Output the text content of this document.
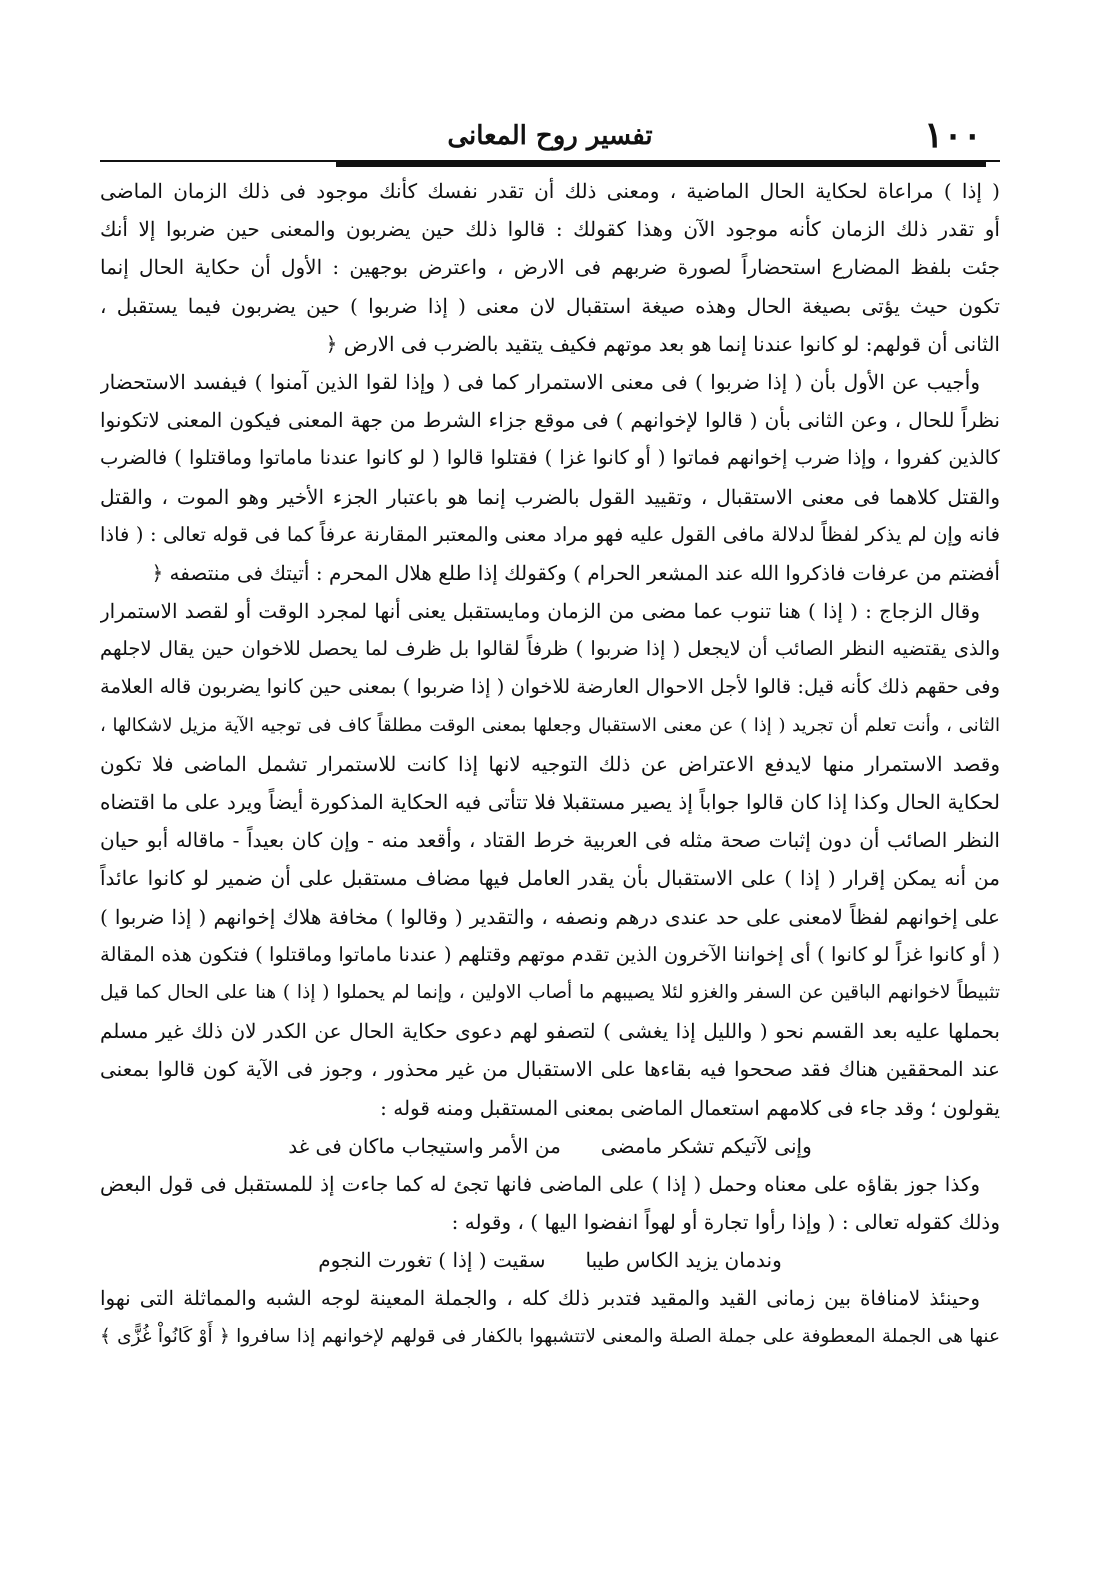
١٠٠
تفسير روح المعانى
( إذا ) مراعاة لحكاية الحال الماضية ، ومعنى ذلك أن تقدر نفسك كأنك موجود فى ذلك الزمان الماضى
أو تقدر ذلك الزمان كأنه موجود الآن وهذا كقولك : قالوا ذلك حين يضربون والمعنى حين ضربوا إلا أنك
جئت بلفظ المضارع استحضاراً لصورة ضربهم فى الارض ، واعترض بوجهين : الأول أن حكاية الحال إنما
تكون حيث يؤتى بصيغة الحال وهذه صيغة استقبال لان معنى ( إذا ضربوا ) حين يضربون فيما يستقبل ،
الثانى أن قولهم: لو كانوا عندنا إنما هو بعد موتهم فكيف يتقيد بالضرب فى الارض ﴿
وأجيب عن الأول بأن ( إذا ضربوا ) فى معنى الاستمرار كما فى ( وإذا لقوا الذين آمنوا ) فيفسد الاستحضار
نظراً للحال ، وعن الثانى بأن ( قالوا لإخوانهم ) فى موقع جزاء الشرط من جهة المعنى فيكون المعنى لاتكونوا
كالذين كفروا ، وإذا ضرب إخوانهم فماتوا ( أو كانوا غزا ) فقتلوا قالوا ( لو كانوا عندنا ماماتوا وماقتلوا ) فالضرب
والقتل كلاهما فى معنى الاستقبال ، وتقييد القول بالضرب إنما هو باعتبار الجزء الأخير وهو الموت ، والقتل
فانه وإن لم يذكر لفظاً لدلالة مافى القول عليه فهو مراد معنى والمعتبر المقارنة عرفاً كما فى قوله تعالى : ( فاذا
أفضتم من عرفات فاذكروا الله عند المشعر الحرام ) وكقولك إذا طلع هلال المحرم : أتيتك فى منتصفه ﴿
وقال الزجاج : ( إذا ) هنا تنوب عما مضى من الزمان ومايستقبل يعنى أنها لمجرد الوقت أو لقصد الاستمرار
والذى يقتضيه النظر الصائب أن لايجعل ( إذا ضربوا ) ظرفاً لقالوا بل ظرف لما يحصل للاخوان حين يقال لاجلهم
وفى حقهم ذلك كأنه قيل: قالوا لأجل الاحوال العارضة للاخوان ( إذا ضربوا ) بمعنى حين كانوا يضربون قاله العلامة
الثانى ، وأنت تعلم أن تجريد ( إذا ) عن معنى الاستقبال وجعلها بمعنى الوقت مطلقاً كاف فى توجيه الآية مزيل لاشكالها ،
وقصد الاستمرار منها لايدفع الاعتراض عن ذلك التوجيه لانها إذا كانت للاستمرار تشمل الماضى فلا تكون
لحكاية الحال وكذا إذا كان قالوا جواباً إذ يصير مستقبلا فلا تتأتى فيه الحكاية المذكورة أيضاً ويرد على ما اقتضاه
النظر الصائب أن دون إثبات صحة مثله فى العربية خرط القتاد ، وأقعد منه - وإن كان بعيداً - ماقاله أبو حيان
من أنه يمكن إقرار ( إذا ) على الاستقبال بأن يقدر العامل فيها مضاف مستقبل على أن ضمير لو كانوا عائداً
على إخوانهم لفظاً لامعنى على حد عندى درهم ونصفه ، والتقدير ( وقالوا ) مخافة هلاك إخوانهم ( إذا ضربوا )
( أو كانوا غزاً لو كانوا ) أى إخواننا الآخرون الذين تقدم موتهم وقتلهم ( عندنا ماماتوا وماقتلوا ) فتكون هذه المقالة
تثبيطاً لاخوانهم الباقين عن السفر والغزو لئلا يصيبهم ما أصاب الاولين ، وإنما لم يحملوا ( إذا ) هنا على الحال كما قيل
بحملها عليه بعد القسم نحو ( والليل إذا يغشى ) لتصفو لهم دعوى حكاية الحال عن الكدر لان ذلك غير مسلم
عند المحققين هناك فقد صححوا فيه بقاءها على الاستقبال من غير محذور ، وجوز فى الآية كون قالوا بمعنى
يقولون ؛ وقد جاء فى كلامهم استعمال الماضى بمعنى المستقبل ومنه قوله :
وإنى لآتيكم تشكر مامضىمن الأمر واستيجاب ماكان فى غد
وكذا جوز بقاؤه على معناه وحمل ( إذا ) على الماضى فانها تجئ له كما جاءت إذ للمستقبل فى قول البعض
وذلك كقوله تعالى : ( وإذا رأوا تجارة أو لهواً انفضوا اليها ) ، وقوله :
وندمان يزيد الكاس طيباسقيت ( إذا ) تغورت النجوم
وحينئذ لامنافاة بين زمانى القيد والمقيد فتدبر ذلك كله ، والجملة المعينة لوجه الشبه والمماثلة التى نهوا
عنها هى الجملة المعطوفة على جملة الصلة والمعنى لاتتشبهوا بالكفار فى قولهم لإخوانهم إذا سافروا ﴿ أَوْ كَانُواْ غُزًّى ﴾
